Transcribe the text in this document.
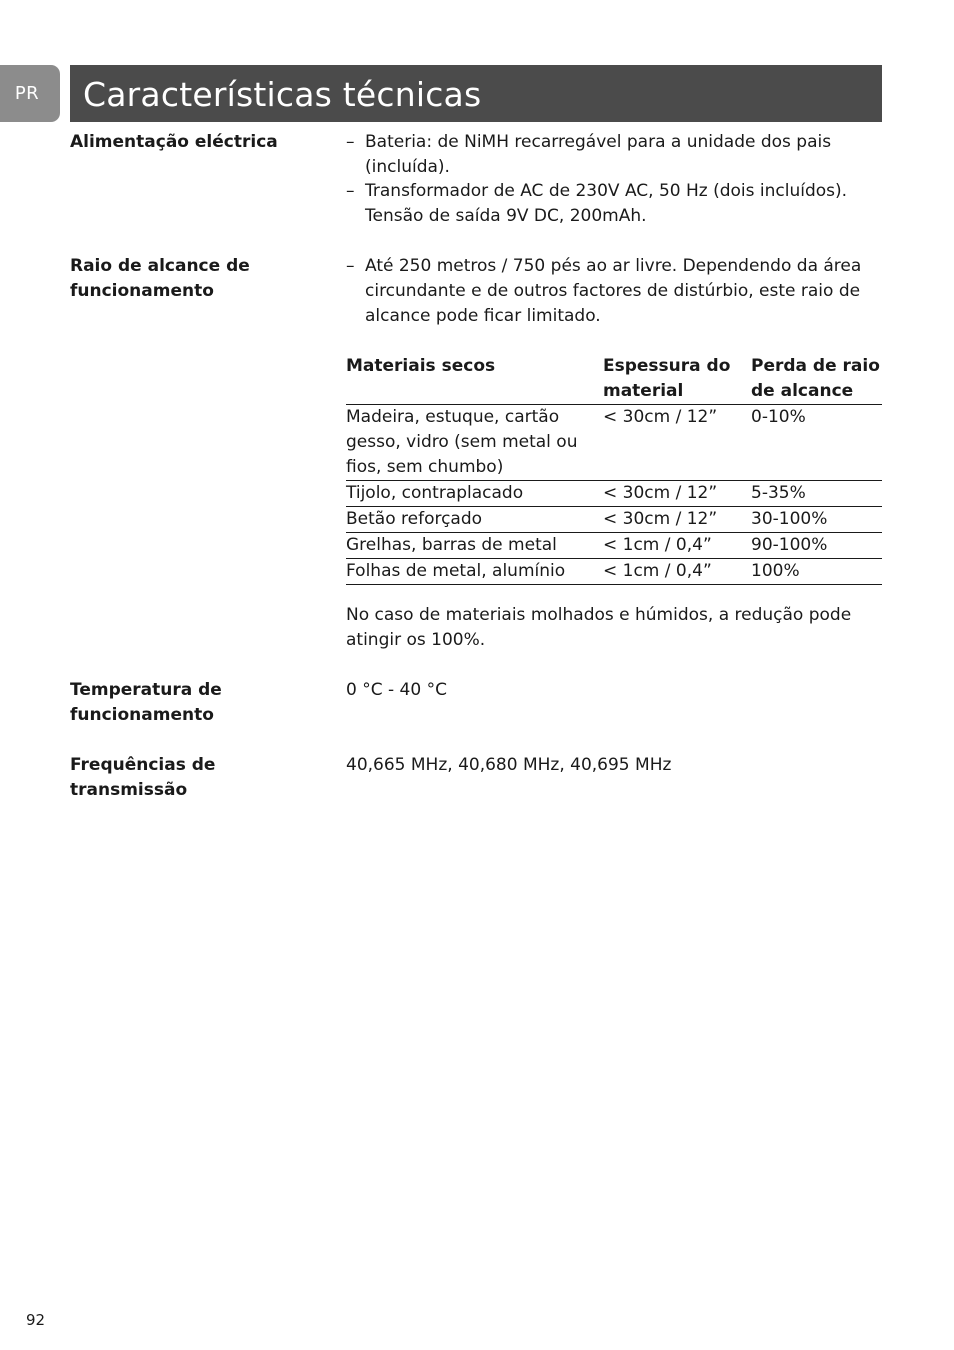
PR	Características técnicas
Alimentação eléctrica	– Bateria: de NiMH recarregável para a unidade dos pais (incluída).
– Transformador de AC de 230V AC, 50 Hz (dois incluídos). Tensão de saída 9V DC, 200mAh.
Raio de alcance de
funcionamento
– Até 250 metros / 750 pés ao ar livre. Dependendo da área circundante e de outros factores de distúrbio, este raio de alcance pode ficar limitado.
Materiais secos	Espessura do material	Perda de raio de alcance
Madeira, estuque, cartão gesso, vidro (sem metal ou fios, sem chumbo)	< 30cm / 12”	0-10%
Tijolo, contraplacado	< 30cm / 12”	5-35%
Betão reforçado	< 30cm / 12”	30-100%
Grelhas, barras de metal	< 1cm / 0,4”	90-100%
Folhas de metal, alumínio	< 1cm / 0,4”	100%
No caso de materiais molhados e húmidos, a redução pode atingir os 100%.
Temperatura de
funcionamento
0 °C - 40 °C
Frequências de
transmissão
40,665 MHz, 40,680 MHz, 40,695 MHz
92
